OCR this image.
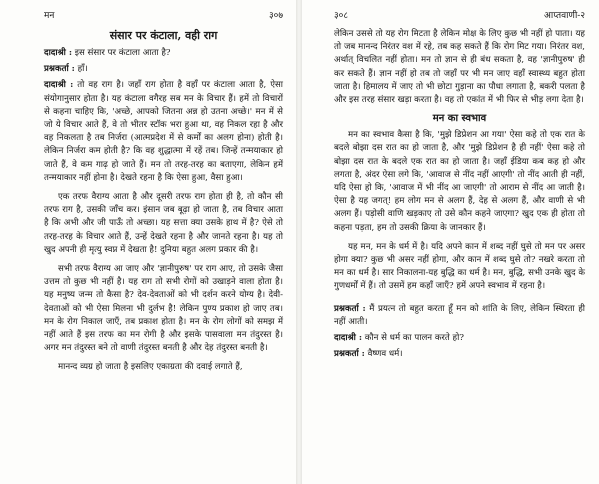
मन	३०७
संसार पर कंटाला, वही राग
दादाश्री : इस संसार पर कंटाला आता है?
प्रश्नकर्ता : हाँ।
दादाश्री : तो वह राग है। जहाँ राग होता है वहाँ पर कंटाला आता है, ऐसा संयोगानुसार होता है। यह कंटाला वगैरह सब मन के विचार हैं। हमें तो विचारों से कहना चाहिए कि, 'अच्छे, आपको जितना अन्न हो उतना अच्छे।' मन में से जो ये विचार आते हैं, वे तो भीतर स्टॉक भरा हुआ था, वह निकल रहा है और वह निकलता है तब निर्जरा (आत्मप्रदेश में से कर्मों का अलग होना) होती है। लेकिन निर्जरा कम होती है? कि वह शुद्धात्मा में रहें तब। जिन्हें तन्मयाकार हो जाते हैं, वे कम गाढ़ हो जाते हैं। मन तो तरह-तरह का बताएगा, लेकिन हमें तन्मयाकार नहीं होना है। देखते रहना है कि ऐसा हुआ, वैसा हुआ।

एक तरफ वैराग्य आता है और दूसरी तरफ राग होता ही है, तो कौन सी तरफ राग है, उसकी जाँच कर। इंसान जब बूढ़ा हो जाता है, तब विचार आता है कि अभी और जी पाऊँ तो अच्छा। यह सत्ता क्या उसके हाथ में है? ऐसे तो तरह-तरह के विचार आते हैं, उन्हें देखते रहना है और जानते रहना है। यह तो खुद अपनी ही मृत्यु स्वप्न में देखता है! दुनिया बहुत अलग प्रकार की है।

सभी तरफ वैराग्य आ जाए और 'ज्ञानीपुरुष' पर राग आए, तो उसके जैसा उत्तम तो कुछ भी नहीं है। यह राग तो सभी रोगों को उखाड़ने वाला होता है। यह मनुष्य जन्म तो कैसा है? देव-देवताओं को भी दर्शन करने योग्य है। देवी-देवताओं को भी ऐसा मिलना भी दुर्लभ है! लेकिन पुण्य प्रकाश हो जाए तब। मन के रोग निकाल जाएँ, तब प्रकाश होता है। मन के रोग लोगों को समझ में नहीं आते हैं इस तरफ का मन रोगी है और इसके पासवाला मन तंदुरस्त है। अगर मन तंदुरस्त बने तो वाणी तंदुरस्त बनती है और देह तंदुरस्त बनती है।

मानन्द व्यग्र हो जाता है इसलिए एकाग्रता की दवाई लगाते हैं,

३०८	आप्तवाणी-२

लेकिन उससे तो यह रोग मिटता है लेकिन मोक्ष के लिए कुछ भी नहीं हो पाता। यह तो जब मानन्द निरंतर वश में रहे, तब कह सकते हैं कि रोग मिट गया। निरंतर वश, अर्थात् विचलित नहीं होता। मन तो ज्ञान से ही बंध सकता है, वह 'ज्ञानीपुरुष' ही कर सकते हैं। ज्ञान नहीं हो तब तो जहाँ पर भी मन जाए वहाँ स्वास्थ्य बहुत होता जाता है। हिमालय में जाए तो भी छोटा गुड़ाना का पौधा लगाता है, बकरी पलता है और इस तरह संसार खड़ा करता है। वह तो एकांत में भी फिर से भीड़ लगा देता है।

मन का स्वभाव

मन का स्वभाव कैसा है कि, 'मुझे डिप्रेशन आ गया' ऐसा कहे तो एक रात के बदले बोझा दस रात का हो जाता है, और 'मुझे डिप्रेशन है ही नहीं' ऐसा कहे तो बोझा दस रात के बदले एक रात का हो जाता है। जहाँ ईडिया कब कह हो और लगता है, अंदर ऐसा लगे कि, 'आवाज से नींद नहीं आएगी' तो नींद आती ही नहीं, यदि ऐसा हो कि, 'आवाज में भी नींद आ जाएगी' तो आराम से नींद आ जाती है। ऐसा है यह जगत्! हम लोग मन से अलग हैं, देह से अलग हैं, और वाणी से भी अलग हैं। पड़ोसी वाणि खड़काए तो उसे कौन कहने जाएगा? खुद एक ही होता तो कहना पड़ता, हम तो उसकी क्रिया के जानकार हैं।

यह मन, मन के धर्म में है। यदि अपने कान में शब्द नहीं घुसे तो मन पर असर होगा क्या? कुछ भी असर नहीं होगा, और कान में शब्द घुसे तो? नखरे करता तो मन का धर्म है। सार निकालना-यह बुद्धि का धर्म है। मन, बुद्धि, सभी उनके खुद के गुणधर्मों में हैं। तो उसमें हम कहाँ जाएँ? हमें अपने स्वभाव में रहना है।

प्रश्नकर्ता : मैं प्रयत्न तो बहुत करता हूँ मन को शांति के लिए, लेकिन स्थिरता ही नहीं आती।
दादाश्री : कौन से धर्म का पालन करते हो?
प्रश्नकर्ता : वैष्णव धर्म।
